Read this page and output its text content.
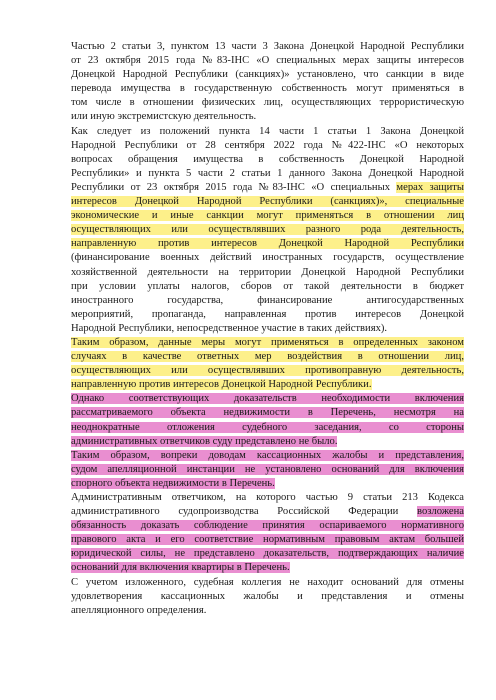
Частью 2 статьи 3, пунктом 13 части 3 Закона Донецкой Народной Республики
от 23 октября 2015 года №83-IНС «О специальных мерах защиты интересов
Донецкой Народной Республики (санкциях)» установлено, что санкции в виде
перевода имущества в государственную собственность могут применяться в
том числе в отношении физических лиц, осуществляющих террористическую
или иную экстремистскую деятельность.
Как следует из положений пункта 14 части 1 статьи 1 Закона Донецкой
Народной Республики от 28 сентября 2022 года №422-IНС «О некоторых
вопросах обращения имущества в собственность Донецкой Народной
Республики» и пункта 5 части 2 статьи 1 данного Закона Донецкой Народной
Республики от 23 октября 2015 года №83-IНС «О специальных мерах защиты
интересов Донецкой Народной Республики (санкциях)», специальные
экономические и иные санкции могут применяться в отношении лиц
осуществляющих или осуществлявших разного рода деятельность,
направленную против интересов Донецкой Народной Республики
(финансирование военных действий иностранных государств, осуществление
хозяйственной деятельности на территории Донецкой Народной Республики
при условии уплаты налогов, сборов от такой деятельности в бюджет
иностранного государства, финансирование антигосударственных
мероприятий, пропаганда, направленная против интересов Донецкой
Народной Республики, непосредственное участие в таких действиях).
Таким образом, данные меры могут применяться в определенных законом
случаях в качестве ответных мер воздействия в отношении лиц,
осуществляющих или осуществлявших противоправную деятельность,
направленную против интересов Донецкой Народной Республики.
Однако соответствующих доказательств необходимости включения
рассматриваемого объекта недвижимости в Перечень, несмотря на
неоднократные отложения судебного заседания, со стороны
административных ответчиков суду представлено не было.
Таким образом, вопреки доводам кассационных жалобы и представления,
судом апелляционной инстанции не установлено оснований для включения
спорного объекта недвижимости в Перечень.
Административным ответчиком, на которого частью 9 статьи 213 Кодекса
административного судопроизводства Российской Федерации возложена
обязанность доказать соблюдение принятия оспариваемого нормативного
правового акта и его соответствие нормативным правовым актам большей
юридической силы, не представлено доказательств, подтверждающих наличие
оснований для включения квартиры в Перечень.
С учетом изложенного, судебная коллегия не находит оснований для отмены
удовлетворения кассационных жалобы и представления и отмены
апелляционного определения.
